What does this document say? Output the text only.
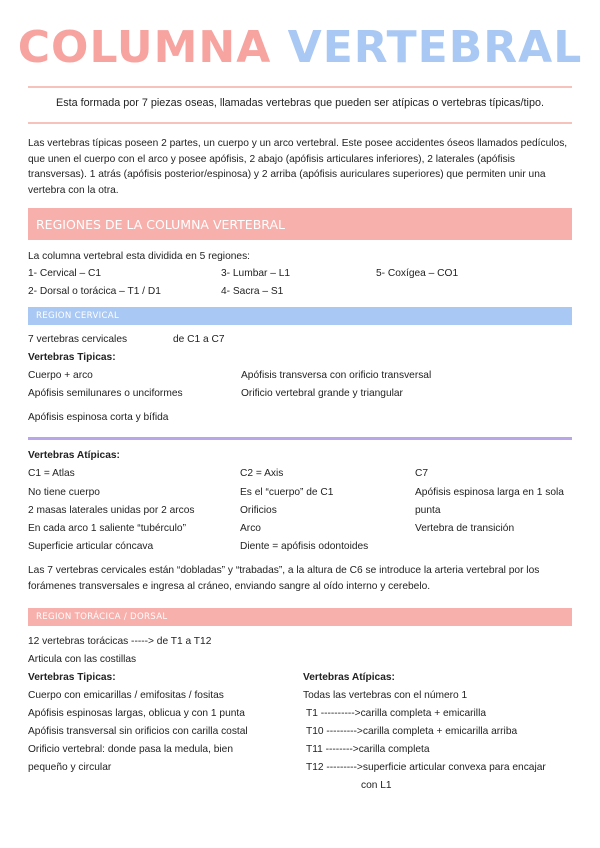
COLUMNA VERTEBRAL
Esta formada por 7 piezas oseas, llamadas vertebras que pueden ser atípicas o vertebras típicas/tipo.
Las vertebras típicas poseen 2 partes, un cuerpo y un arco vertebral. Este posee accidentes óseos llamados pedículos, que unen el cuerpo con el arco y posee apófisis, 2 abajo (apófisis articulares inferiores), 2 laterales (apófisis transversas). 1 atrás (apófisis posterior/espinosa) y 2 arriba (apófisis auriculares superiores) que permiten unir una vertebra con la otra.
REGIONES DE LA COLUMNA VERTEBRAL
La columna vertebral esta dividida en 5 regiones:
1- Cervical – C1
2- Dorsal o torácica – T1 / D1
3- Lumbar – L1
4- Sacra – S1
5- Coxígea – CO1
REGION CERVICAL
7 vertebras cervicales	de C1 a C7
Vertebras Tipicas:
Cuerpo + arco
Apófisis semilunares o unciformes
Apófisis espinosa corta y bífida
Apófisis transversa con orificio transversal
Orificio vertebral grande y triangular
Vertebras Atípicas:
C1 = Atlas
No tiene cuerpo
2 masas laterales unidas por 2 arcos
En cada arco 1 saliente “tubérculo”
Superficie articular cóncava
C2 = Axis
Es el “cuerpo” de C1
Orificios
Arco
Diente = apófisis odontoides
C7
Apófisis espinosa larga en 1 sola
punta
Vertebra de transición
Las 7 vertebras cervicales están “dobladas” y “trabadas”, a la altura de C6 se introduce la arteria vertebral por los forámenes transversales e ingresa al cráneo, enviando sangre al oído interno y cerebelo.
REGION TORÁCICA / DORSAL
12 vertebras torácicas -----> de T1 a T12
Articula con las costillas
Vertebras Tipicas:
Cuerpo con emicarillas / emifositas / fositas
Apófisis espinosas largas, oblicua y con 1 punta
Apófisis transversal sin orificios con carilla costal
Orificio vertebral: donde pasa la medula, bien
pequeño y circular
Vertebras Atípicas:
Todas las vertebras con el número 1
T1 ---------->carilla completa + emicarilla
T10 --------->carilla completa + emicarilla arriba
T11 -------->carilla completa
T12 --------->superficie articular convexa para encajar
con L1
